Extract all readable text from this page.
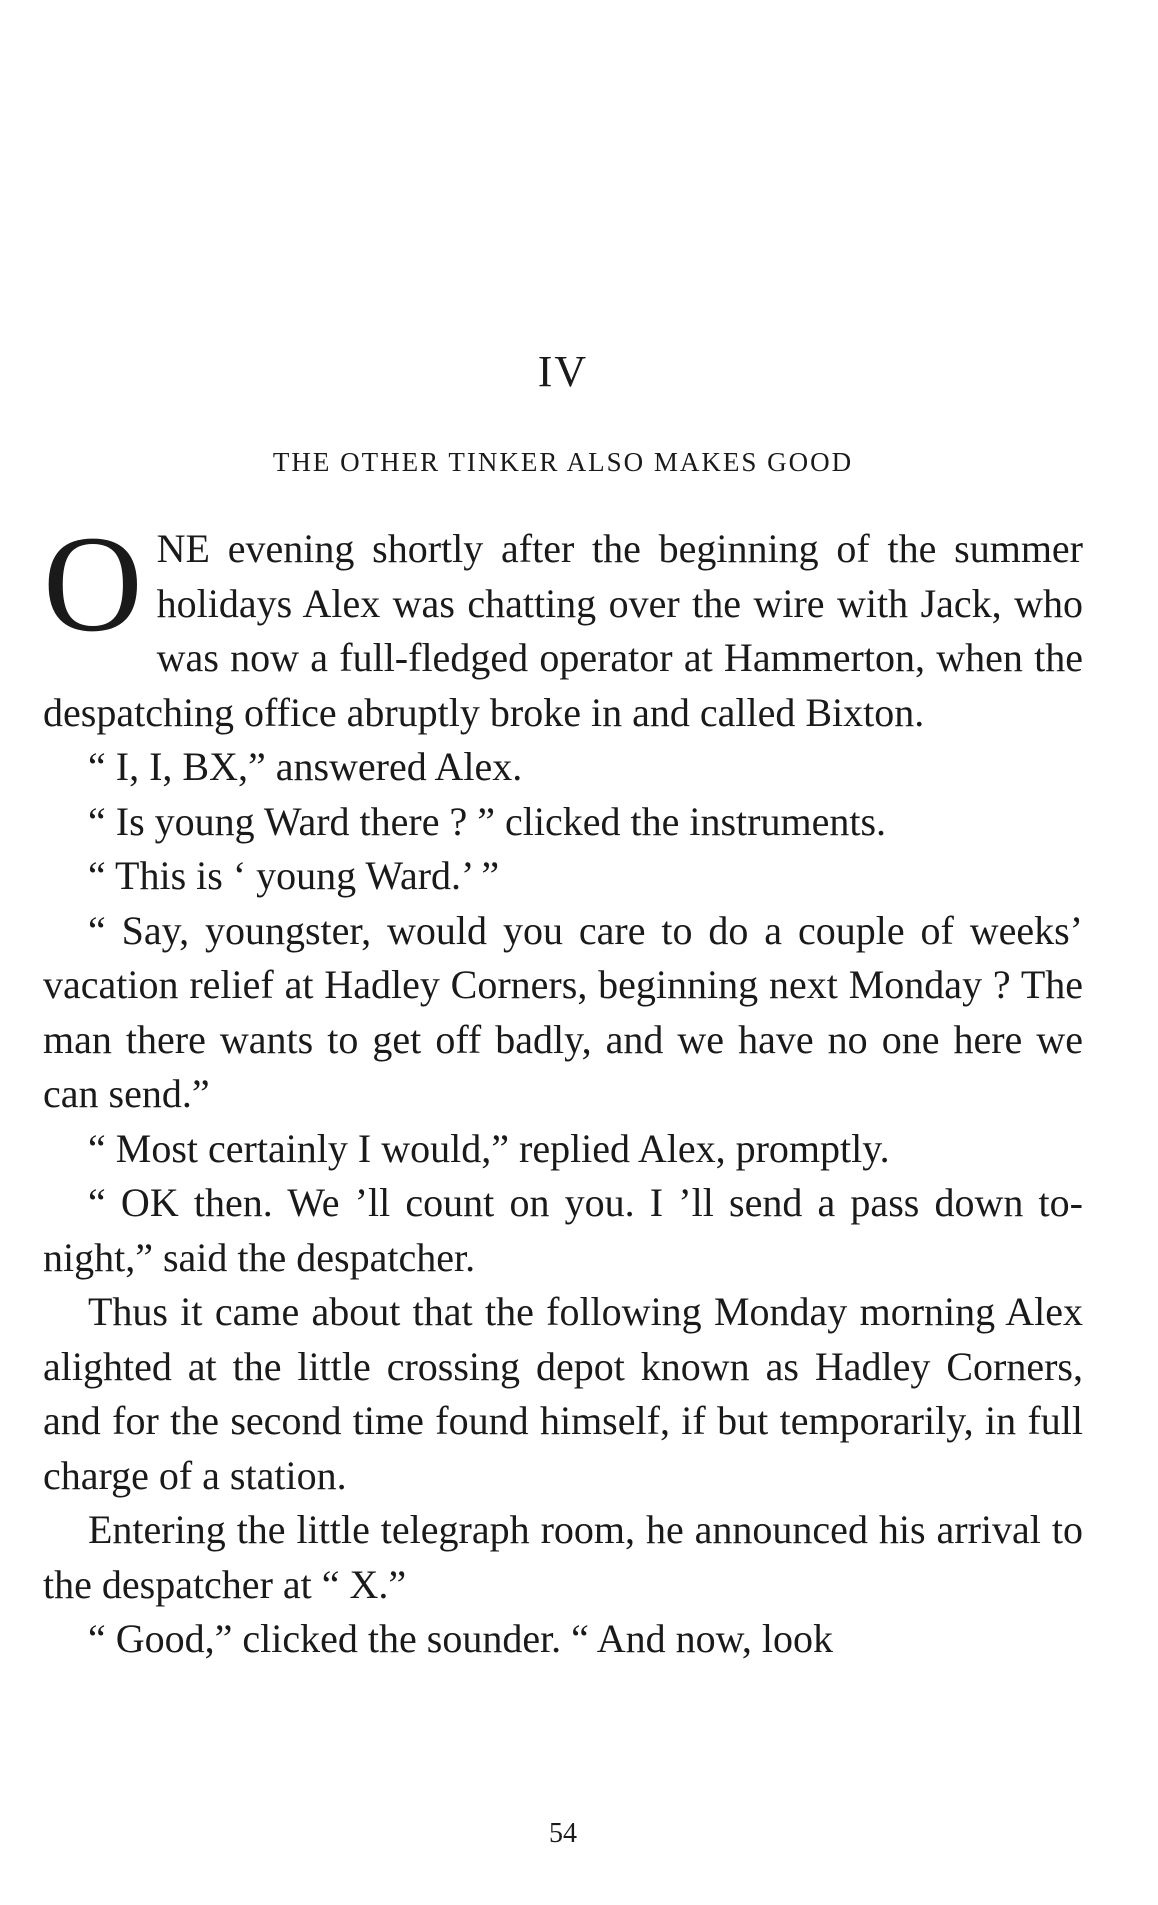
IV
THE OTHER TINKER ALSO MAKES GOOD

ONE evening shortly after the beginning of the summer holidays Alex was chatting over the wire with Jack, who was now a full-fledged operator at Hammerton, when the despatching office abruptly broke in and called Bixton.

“ I, I, BX,” answered Alex.

“ Is young Ward there ? ” clicked the instruments.

“ This is ‘ young Ward.’ ”

“ Say, youngster, would you care to do a couple of weeks’ vacation relief at Hadley Corners, beginning next Monday ? The man there wants to get off badly, and we have no one here we can send.”

“ Most certainly I would,” replied Alex, promptly.

“ OK then. We ’ll count on you. I ’ll send a pass down to-night,” said the despatcher.

Thus it came about that the following Monday morning Alex alighted at the little crossing depot known as Hadley Corners, and for the second time found himself, if but temporarily, in full charge of a station.

Entering the little telegraph room, he announced his arrival to the despatcher at “ X.”

“ Good,” clicked the sounder. “ And now, look

54
